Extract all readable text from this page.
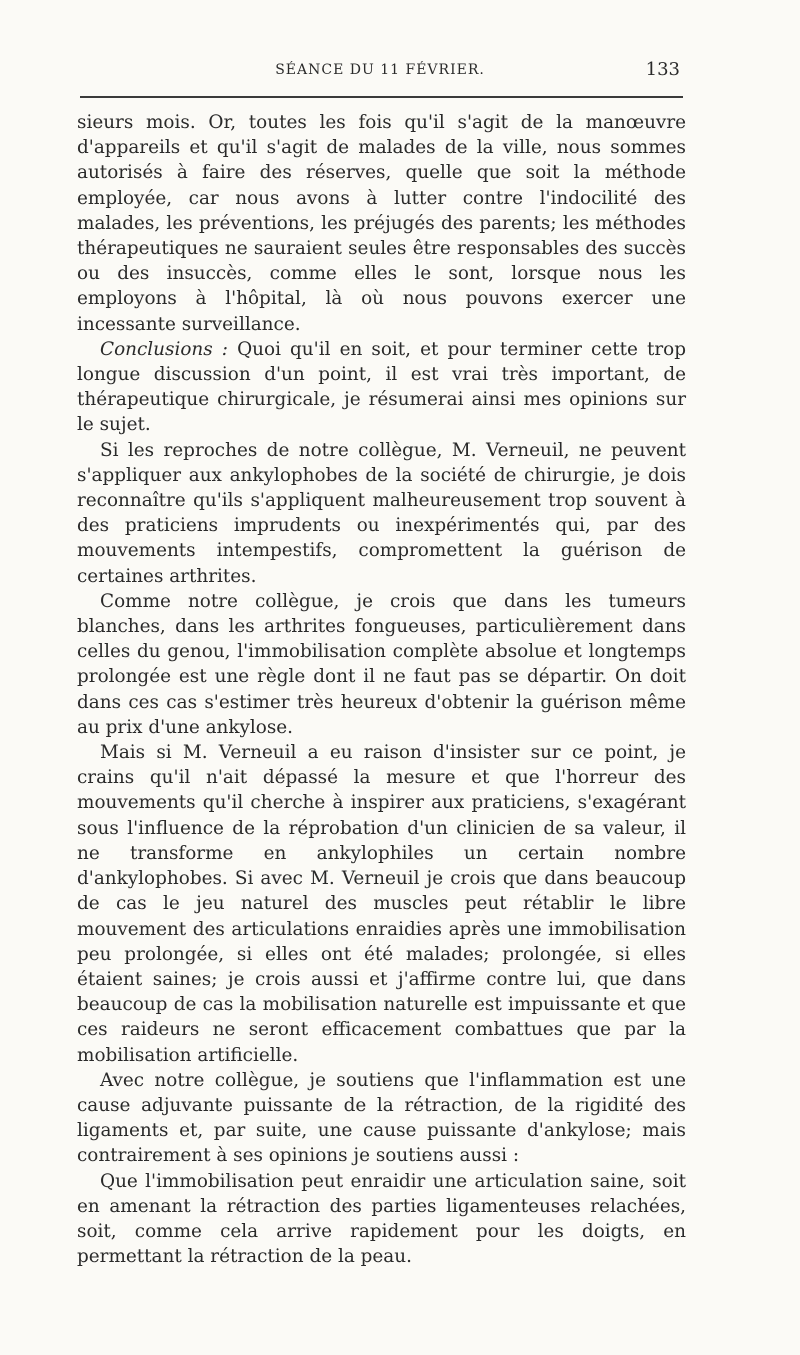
SÉANCE DU 11 FÉVRIER.	133

sieurs mois. Or, toutes les fois qu'il s'agit de la manœuvre d'appareils et qu'il s'agit de malades de la ville, nous sommes autorisés à faire des réserves, quelle que soit la méthode employée, car nous avons à lutter contre l'indocilité des malades, les préventions, les préjugés des parents; les méthodes thérapeutiques ne sauraient seules être responsables des succès ou des insuccès, comme elles le sont, lorsque nous les employons à l'hôpital, là où nous pouvons exercer une incessante surveillance.

Conclusions : Quoi qu'il en soit, et pour terminer cette trop longue discussion d'un point, il est vrai très important, de thérapeutique chirurgicale, je résumerai ainsi mes opinions sur le sujet.

Si les reproches de notre collègue, M. Verneuil, ne peuvent s'appliquer aux ankylophobes de la société de chirurgie, je dois reconnaître qu'ils s'appliquent malheureusement trop souvent à des praticiens imprudents ou inexpérimentés qui, par des mouvements intempestifs, compromettent la guérison de certaines arthrites.

Comme notre collègue, je crois que dans les tumeurs blanches, dans les arthrites fongueuses, particulièrement dans celles du genou, l'immobilisation complète absolue et longtemps prolongée est une règle dont il ne faut pas se départir. On doit dans ces cas s'estimer très heureux d'obtenir la guérison même au prix d'une ankylose.

Mais si M. Verneuil a eu raison d'insister sur ce point, je crains qu'il n'ait dépassé la mesure et que l'horreur des mouvements qu'il cherche à inspirer aux praticiens, s'exagérant sous l'influence de la réprobation d'un clinicien de sa valeur, il ne transforme en ankylophiles un certain nombre d'ankylophobes. Si avec M. Verneuil je crois que dans beaucoup de cas le jeu naturel des muscles peut rétablir le libre mouvement des articulations enraidies après une immobilisation peu prolongée, si elles ont été malades; prolongée, si elles étaient saines; je crois aussi et j'affirme contre lui, que dans beaucoup de cas la mobilisation naturelle est impuissante et que ces raideurs ne seront efficacement combattues que par la mobilisation artificielle.

Avec notre collègue, je soutiens que l'inflammation est une cause adjuvante puissante de la rétraction, de la rigidité des ligaments et, par suite, une cause puissante d'ankylose; mais contrairement à ses opinions je soutiens aussi :

Que l'immobilisation peut enraidir une articulation saine, soit en amenant la rétraction des parties ligamenteuses relachées, soit, comme cela arrive rapidement pour les doigts, en permettant la rétraction de la peau.
